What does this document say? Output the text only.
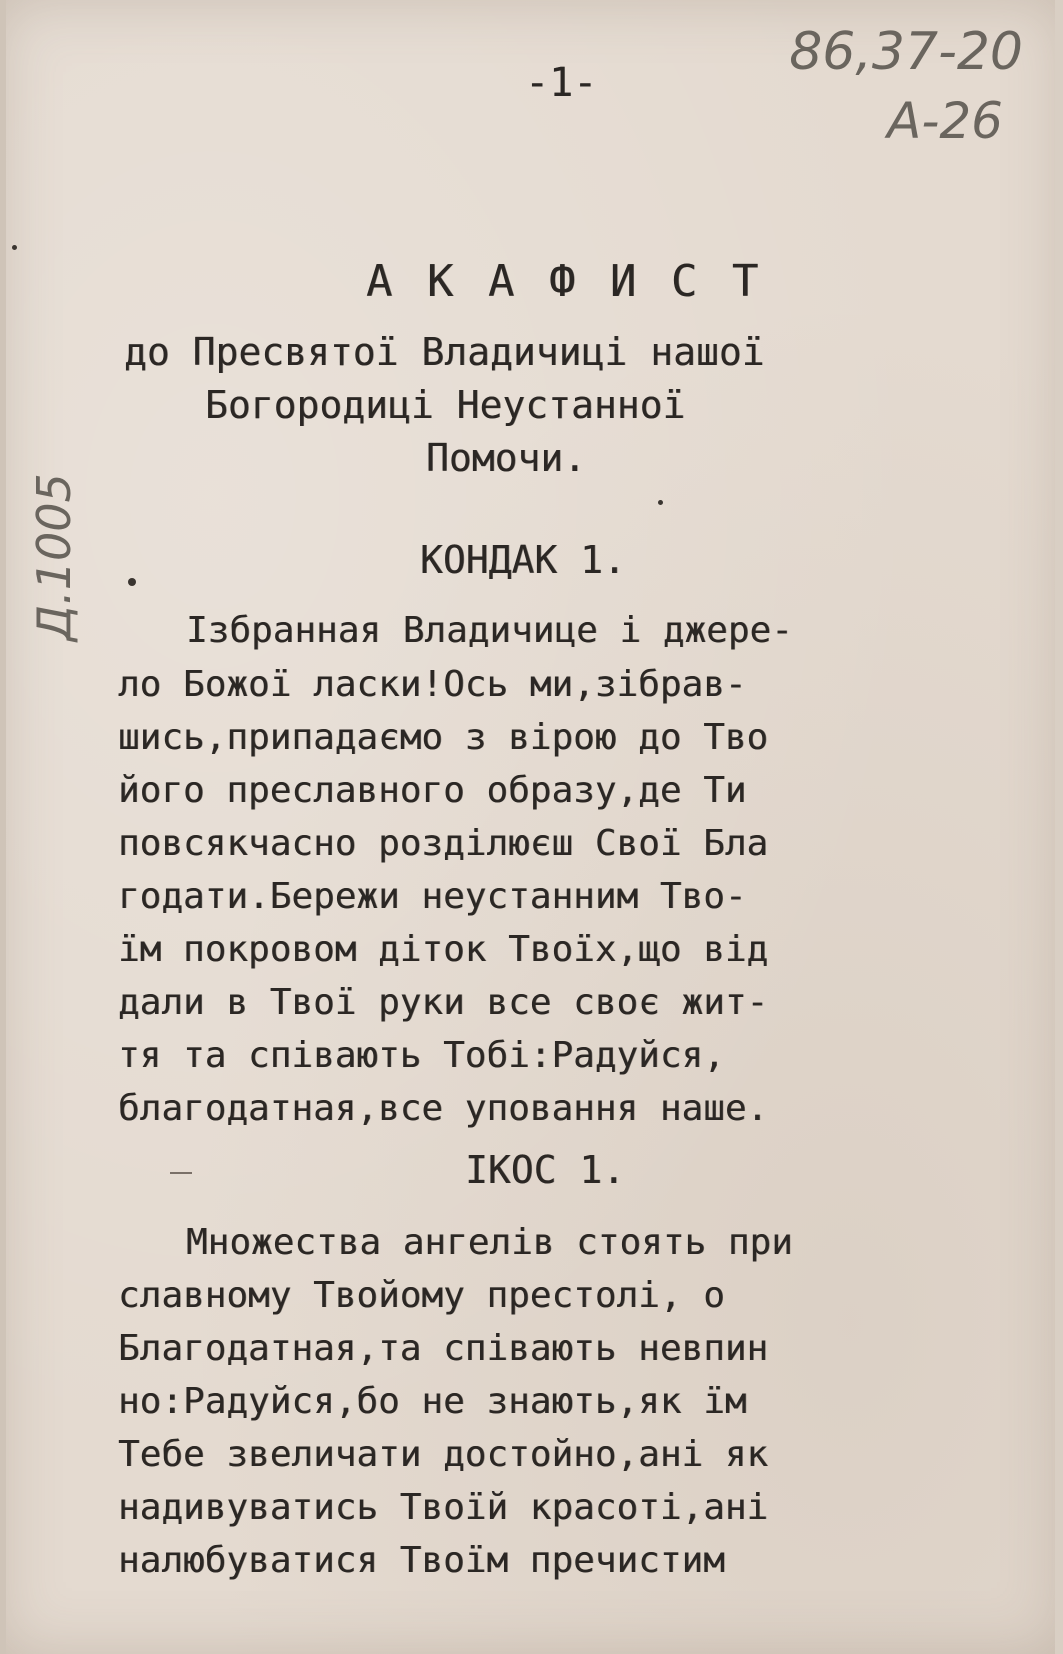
86,37-20
А-26
Д.1005
-1-
А К А Ф И С Т
до Пресвятої Владичиці нашої
Богородиці Неустанної
Помочи.
КОНДАК 1.
Ізбранная Владичице і джере-
ло Божої ласки!Ось ми,зібрав-
шись,припадаємо з вірою до Тво
його преславного образу,де Ти
повсякчасно розділюєш Свої Бла
годати.Бережи неустанним Тво-
їм покровом діток Твоїх,що від
дали в Твої руки все своє жит-
тя та співають Тобі:Радуйся,
благодатная,все уповання наше.
ІКОС 1.
Множества ангелів стоять при
славному Твойому престолі, о
Благодатная,та співають невпин
но:Радуйся,бо не знають,як їм
Тебе звеличати достойно,ані як
надивуватись Твоїй красоті,ані
налюбуватися Твоїм пречистим
